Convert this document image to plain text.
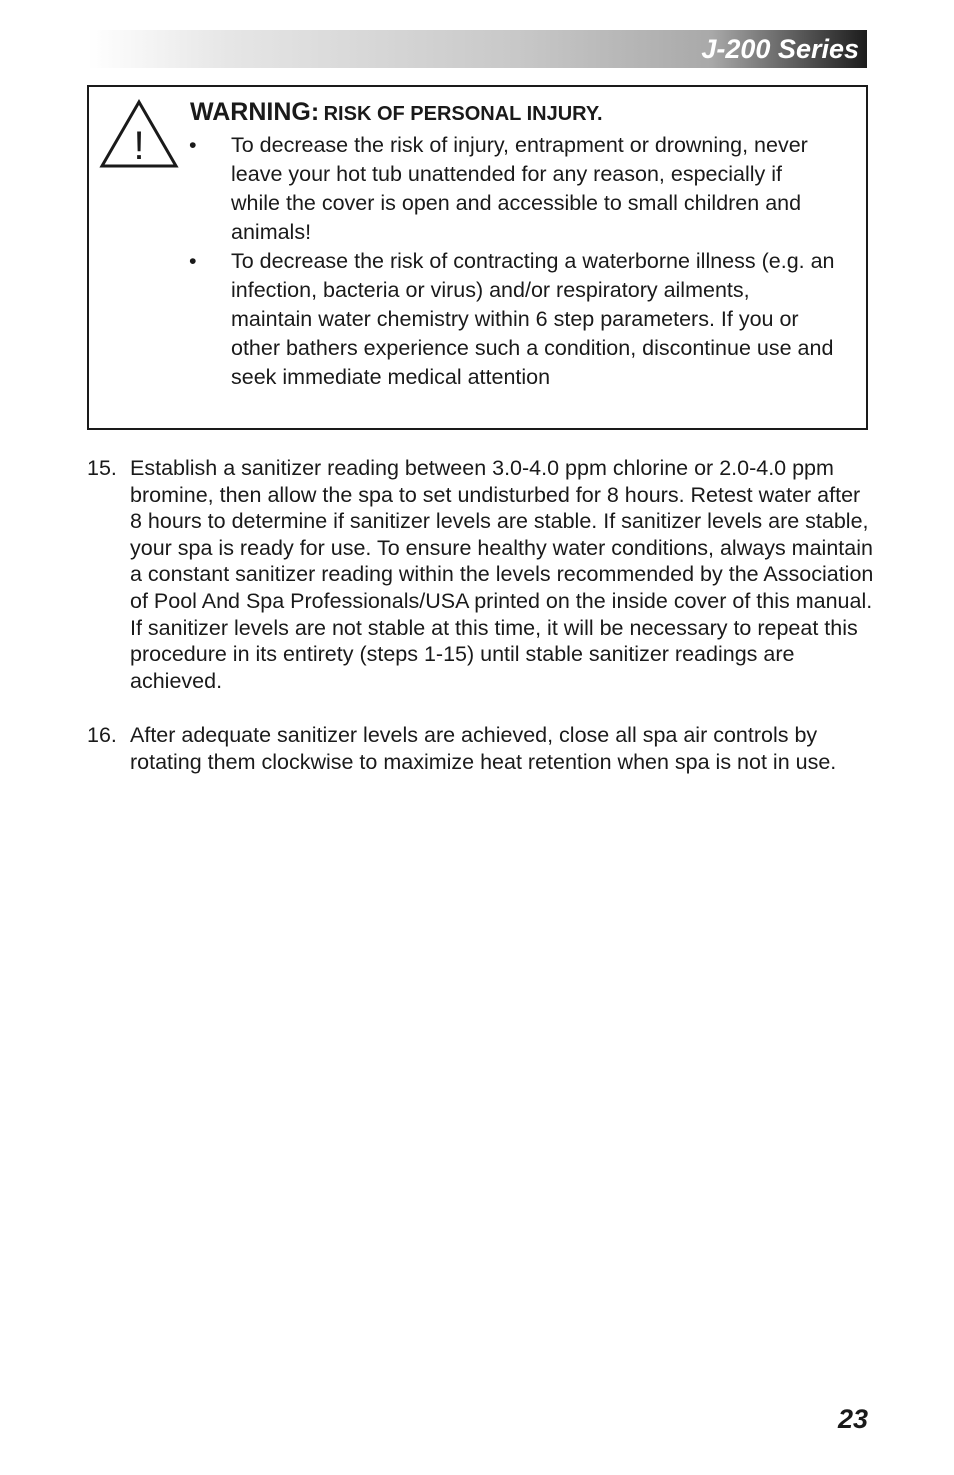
J-200 Series
!
WARNING: RISK OF PERSONAL INJURY.
• To decrease the risk of injury, entrapment or drowning, never leave your hot tub unattended for any reason, especially if while the cover is open and accessible to small children and animals!
• To decrease the risk of contracting a waterborne illness (e.g. an infection, bacteria or virus) and/or respiratory ailments, maintain water chemistry within 6 step parameters. If you or other bathers experience such a condition, discontinue use and seek immediate medical attention
15. Establish a sanitizer reading between 3.0-4.0 ppm chlorine or 2.0-4.0 ppm bromine, then allow the spa to set undisturbed for 8 hours. Retest water after 8 hours to determine if sanitizer levels are stable. If sanitizer levels are stable, your spa is ready for use. To ensure healthy water conditions, always maintain a constant sanitizer reading within the levels recommended by the Association of Pool And Spa Professionals/USA printed on the inside cover of this manual. If sanitizer levels are not stable at this time, it will be necessary to repeat this procedure in its entirety (steps 1-15) until stable sanitizer readings are achieved.
16. After adequate sanitizer levels are achieved, close all spa air controls by rotating them clockwise to maximize heat retention when spa is not in use.
23
